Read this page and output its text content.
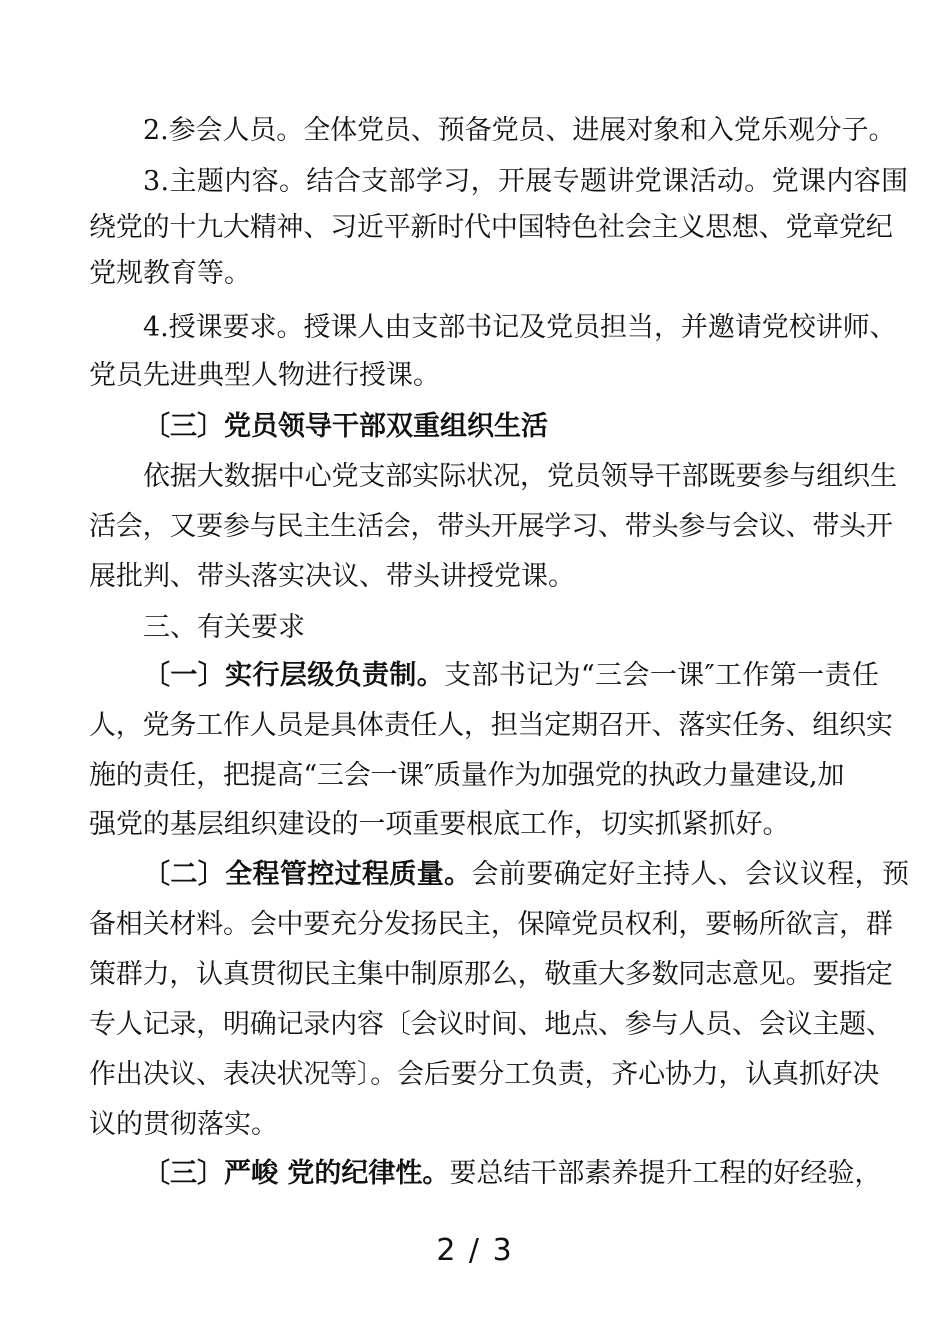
2.参会人员。全体党员、预备党员、进展对象和入党乐观分子。
3.主题内容。结合支部学习，开展专题讲党课活动。党课内容围
绕党的十九大精神、习近平新时代中国特色社会主义思想、党章党纪
党规教育等。
4.授课要求。授课人由支部书记及党员担当，并邀请党校讲师、
党员先进典型人物进行授课。
〔三〕党员领导干部双重组织生活
依据大数据中心党支部实际状况，党员领导干部既要参与组织生
活会，又要参与民主生活会，带头开展学习、带头参与会议、带头开
展批判、带头落实决议、带头讲授党课。
三、有关要求
〔一〕实行层级负责制。支部书记为“三会一课″工作第一责任
人，党务工作人员是具体责任人，担当定期召开、落实任务、组织实
施的责任，把提高“三会一课″质量作为加强党的执政力量建设,加
强党的基层组织建设的一项重要根底工作，切实抓紧抓好。
〔二〕全程管控过程质量。会前要确定好主持人、会议议程，预
备相关材料。会中要充分发扬民主，保障党员权利，要畅所欲言，群
策群力，认真贯彻民主集中制原那么，敬重大多数同志意见。要指定
专人记录，明确记录内容〔会议时间、地点、参与人员、会议主题、
作出决议、表决状况等〕。会后要分工负责，齐心协力，认真抓好决
议的贯彻落实。
〔三〕严峻 党的纪律性。要总结干部素养提升工程的好经验，
2 / 3
